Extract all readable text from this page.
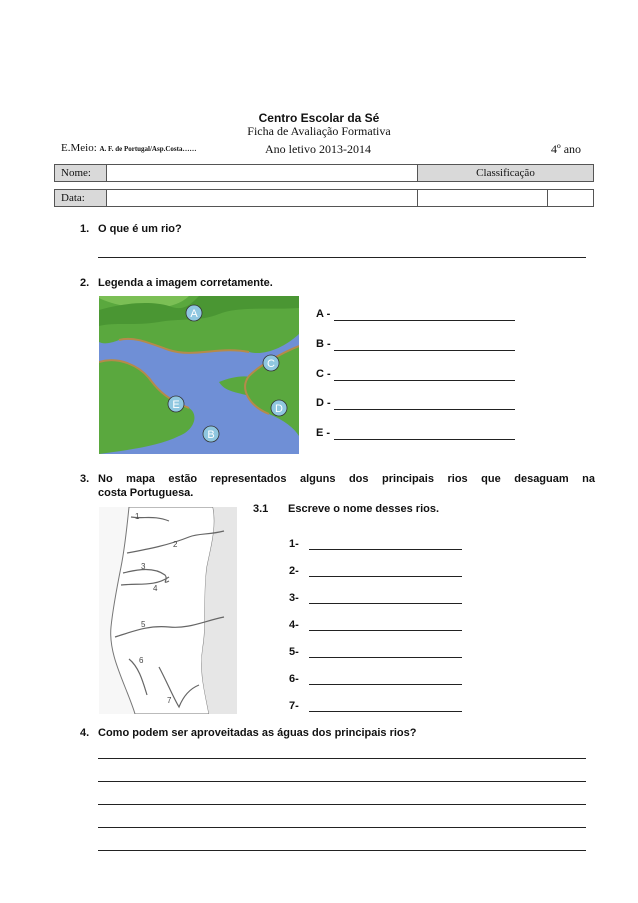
Centro Escolar da Sé
Ficha de Avaliação Formativa
E.Meio: A. F. de Portugal/Asp.Costa……	Ano letivo 2013-2014	4º ano
Nome:		Classificação
Data:			
1. O que é um rio?
2. Legenda a imagem corretamente.
A
C
E	D
B
A -
B -
C -
D -
E -
3. No mapa estão representados alguns dos principais rios que desaguam na
costa Portuguesa.
1
2
3
4
5
6
7
3.1 Escreve o nome desses rios.
1-
2-
3-
4-
5-
6-
7-
4. Como podem ser aproveitadas as águas dos principais rios?
